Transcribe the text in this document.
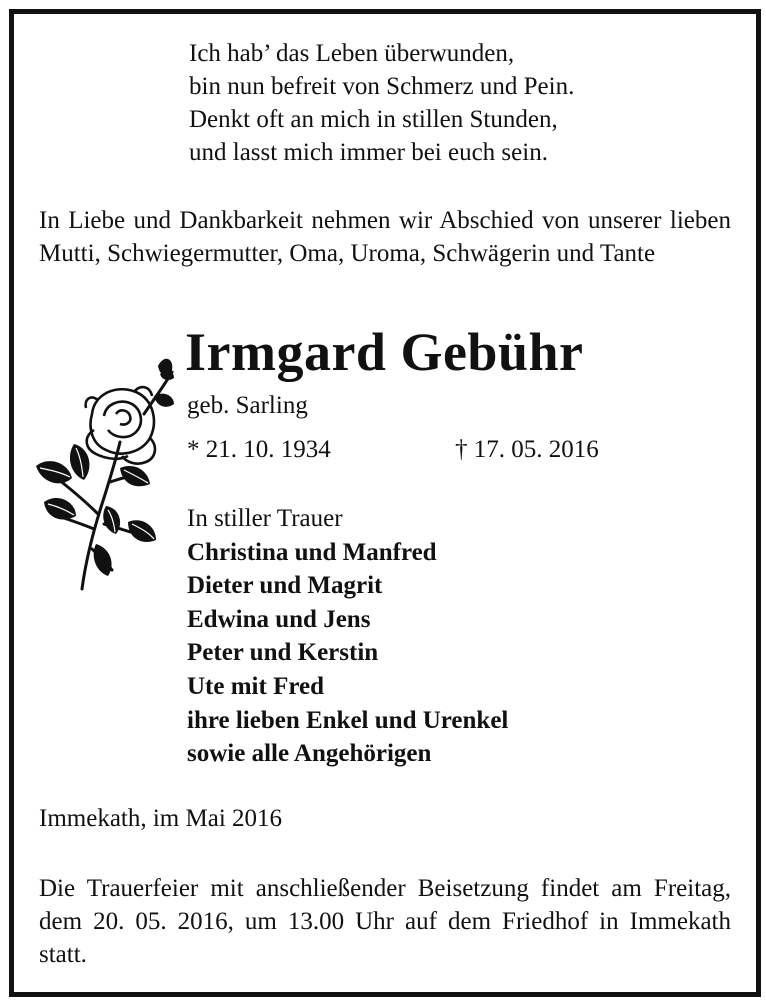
Ich hab’ das Leben überwunden,
bin nun befreit von Schmerz und Pein.
Denkt oft an mich in stillen Stunden,
und lasst mich immer bei euch sein.
In Liebe und Dankbarkeit nehmen wir Abschied von unserer lieben Mutti, Schwiegermutter, Oma, Uroma, Schwägerin und Tante
Irmgard Gebühr
geb. Sarling
* 21. 10. 1934	† 17. 05. 2016
In stiller Trauer
Christina und Manfred
Dieter und Magrit
Edwina und Jens
Peter und Kerstin
Ute mit Fred
ihre lieben Enkel und Urenkel
sowie alle Angehörigen
Immekath, im Mai 2016
Die Trauerfeier mit anschließender Beisetzung findet am Freitag, dem 20. 05. 2016, um 13.00 Uhr auf dem Friedhof in Immekath statt.
